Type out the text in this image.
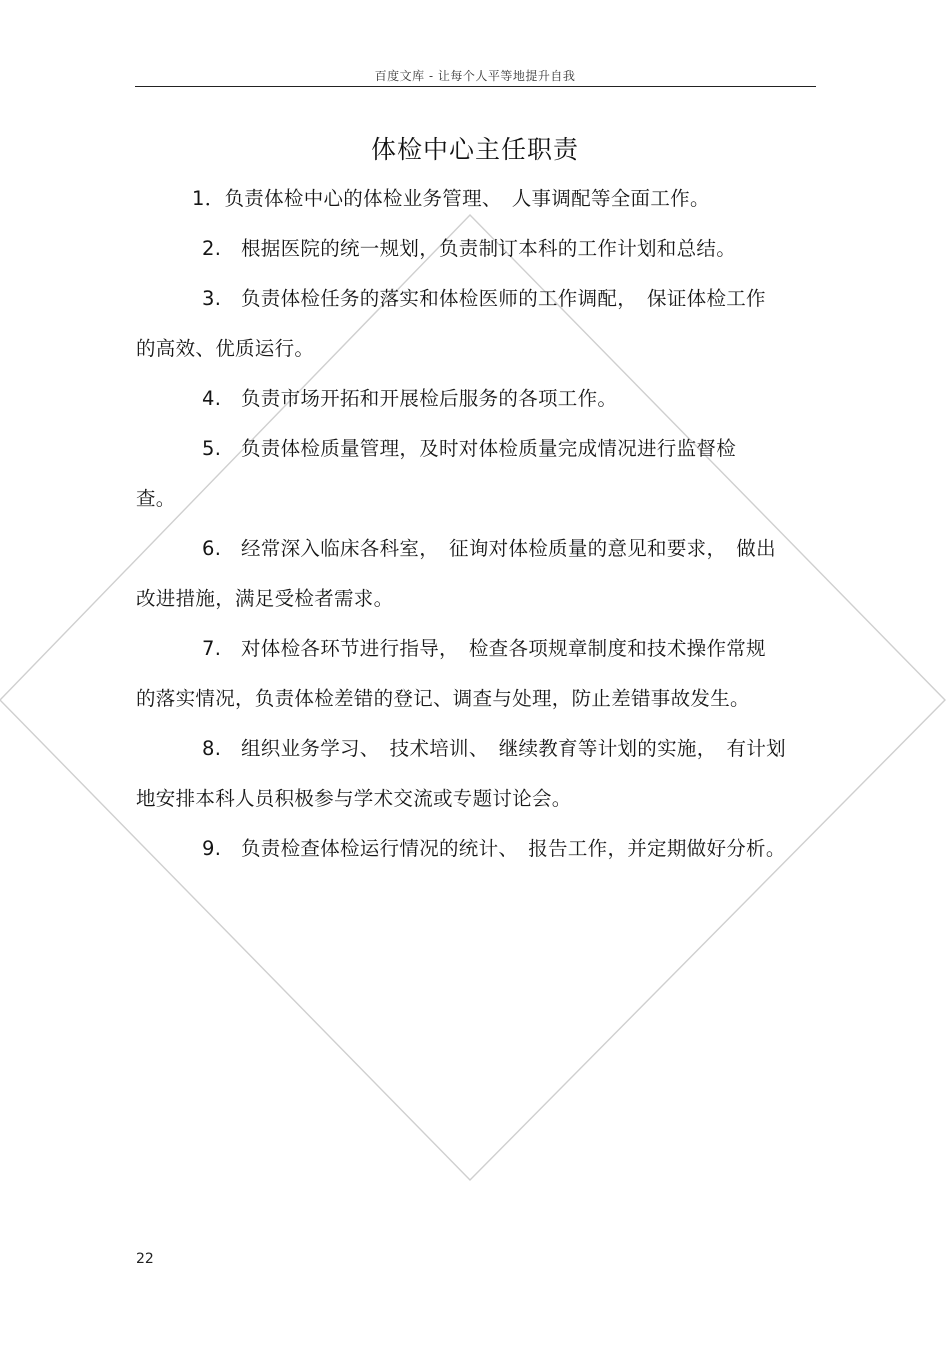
百度文库 - 让每个人平等地提升自我
体检中心主任职责
1．负责体检中心的体检业务管理、　人事调配等全面工作。
2.　根据医院的统一规划，负责制订本科的工作计划和总结。
3.　负责体检任务的落实和体检医师的工作调配，　保证体检工作
的高效、优质运行。
4.　负责市场开拓和开展检后服务的各项工作。
5.　负责体检质量管理，及时对体检质量完成情况进行监督检
查。
6.　经常深入临床各科室，　征询对体检质量的意见和要求，　做出
改进措施，满足受检者需求。
7.　对体检各环节进行指导，　检查各项规章制度和技术操作常规
的落实情况，负责体检差错的登记、调查与处理，防止差错事故发生。
8.　组织业务学习、　技术培训、　继续教育等计划的实施，　有计划
地安排本科人员积极参与学术交流或专题讨论会。
9.　负责检查体检运行情况的统计、　报告工作，并定期做好分析。
22
